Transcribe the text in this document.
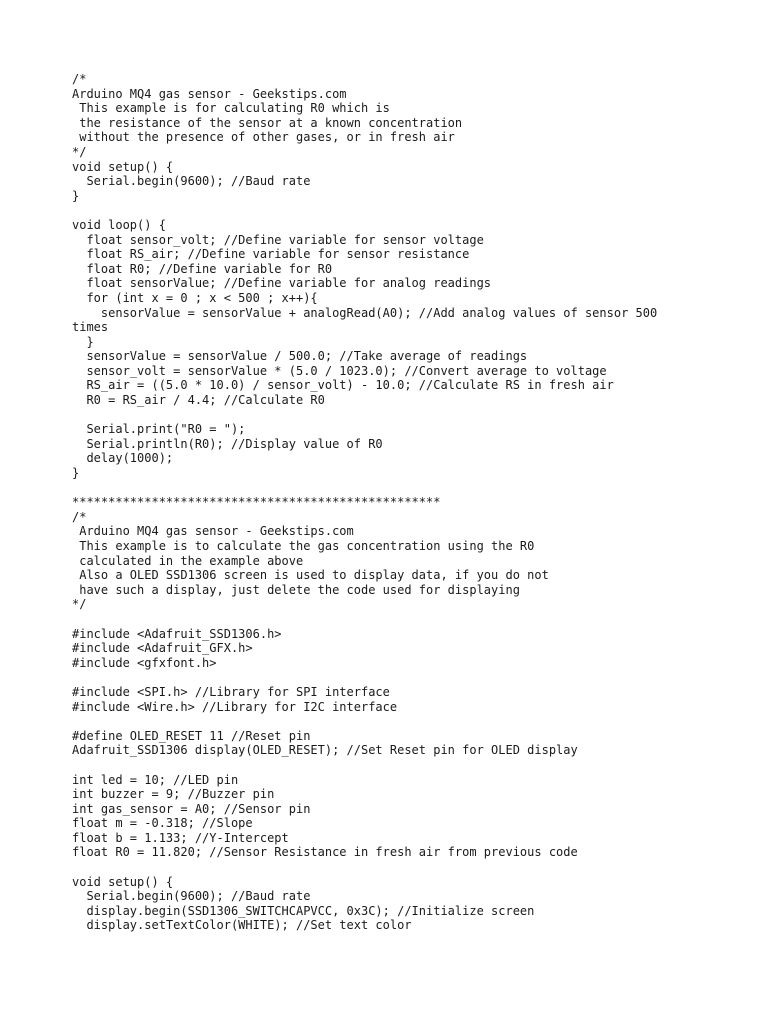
/*
Arduino MQ4 gas sensor - Geekstips.com
This example is for calculating R0 which is
the resistance of the sensor at a known concentration
without the presence of other gases, or in fresh air
*/
void setup() {
Serial.begin(9600); //Baud rate
}
void loop() {
float sensor_volt; //Define variable for sensor voltage
float RS_air; //Define variable for sensor resistance
float R0; //Define variable for R0
float sensorValue; //Define variable for analog readings
for (int x = 0 ; x < 500 ; x++){
sensorValue = sensorValue + analogRead(A0); //Add analog values of sensor 500
times
}
sensorValue = sensorValue / 500.0; //Take average of readings
sensor_volt = sensorValue * (5.0 / 1023.0); //Convert average to voltage
RS_air = ((5.0 * 10.0) / sensor_volt) - 10.0; //Calculate RS in fresh air
R0 = RS_air / 4.4; //Calculate R0
Serial.print("R0 = ");
Serial.println(R0); //Display value of R0
delay(1000);
}
***************************************************
/*
Arduino MQ4 gas sensor - Geekstips.com
This example is to calculate the gas concentration using the R0
calculated in the example above
Also a OLED SSD1306 screen is used to display data, if you do not
have such a display, just delete the code used for displaying
*/
#include <Adafruit_SSD1306.h>
#include <Adafruit_GFX.h>
#include <gfxfont.h>
#include <SPI.h> //Library for SPI interface
#include <Wire.h> //Library for I2C interface
#define OLED_RESET 11 //Reset pin
Adafruit_SSD1306 display(OLED_RESET); //Set Reset pin for OLED display
int led = 10; //LED pin
int buzzer = 9; //Buzzer pin
int gas_sensor = A0; //Sensor pin
float m = -0.318; //Slope
float b = 1.133; //Y-Intercept
float R0 = 11.820; //Sensor Resistance in fresh air from previous code
void setup() {
Serial.begin(9600); //Baud rate
display.begin(SSD1306_SWITCHCAPVCC, 0x3C); //Initialize screen
display.setTextColor(WHITE); //Set text color
